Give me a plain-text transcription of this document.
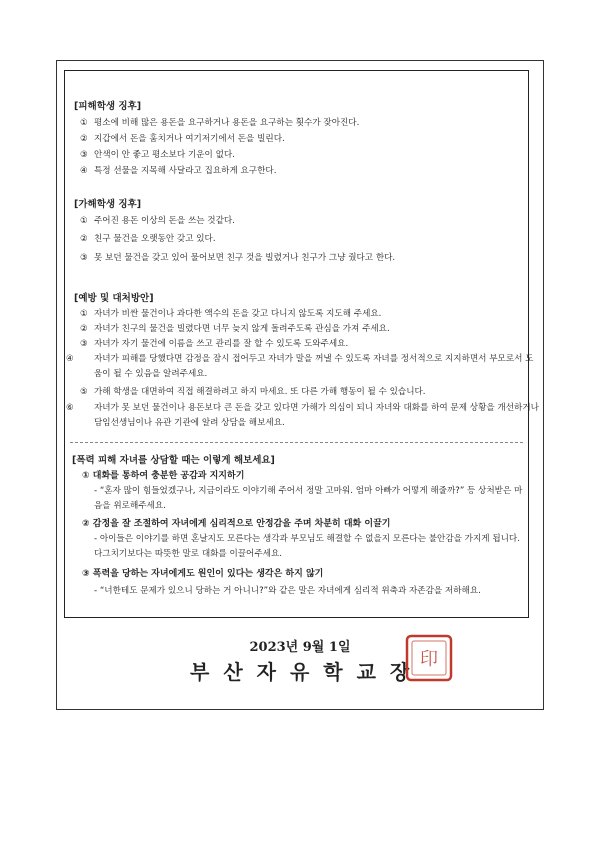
[피해학생 징후]
① 평소에 비해 많은 용돈을 요구하거나 용돈을 요구하는 횟수가 잦아진다.
② 지갑에서 돈을 훔치거나 여기저기에서 돈을 빌린다.
③ 안색이 안 좋고 평소보다 기운이 없다.
④ 특정 선물을 지목해 사달라고 집요하게 요구한다.
[가해학생 징후]
① 주어진 용돈 이상의 돈을 쓰는 것같다.
② 친구 물건을 오랫동안 갖고 있다.
③ 못 보던 물건을 갖고 있어 물어보면 친구 것을 빌렸거나 친구가 그냥 줬다고 한다.
[예방 및 대처방안]
① 자녀가 비싼 물건이나 과다한 액수의 돈을 갖고 다니지 않도록 지도해 주세요.
② 자녀가 친구의 물건을 빌렸다면 너무 늦지 않게 돌려주도록 관심을 가져 주세요.
③ 자녀가 자기 물건에 이름을 쓰고 관리를 잘 할 수 있도록 도와주세요.
④ 자녀가 피해를 당했다면 감정을 잠시 접어두고 자녀가 말을 꺼낼 수 있도록 자녀를 정서적으로 지지하면서 부모로서 도움이 될 수 있음을 알려주세요.
⑤ 가해 학생을 대면하여 직접 해결하려고 하지 마세요. 또 다른 가해 행동이 될 수 있습니다.
⑥ 자녀가 못 보던 물건이나 용돈보다 큰 돈을 갖고 있다면 가해가 의심이 되니 자녀와 대화를 하여 문제 상황을 개선하거나 담임선생님이나 유관 기관에 알려 상담을 해보세요.
[폭력 피해 자녀를 상담할 때는 이렇게 해보세요]
① 대화를 통하여 충분한 공감과 지지하기
- “혼자 많이 힘들었겠구나, 지금이라도 이야기해 주어서 정말 고마워. 엄마 아빠가 어떻게 해줄까?” 등 상처받은 마음을 위로해주세요.
② 감정을 잘 조절하여 자녀에게 심리적으로 안정감을 주며 차분히 대화 이끌기
- 아이들은 이야기를 하면 혼날지도 모른다는 생각과 부모님도 해결할 수 없을지 모른다는 불안감을 가지게 됩니다. 다그치기보다는 따뜻한 말로 대화를 이끌어주세요.
③ 폭력을 당하는 자녀에게도 원인이 있다는 생각은 하지 않기
- “너한테도 문제가 있으니 당하는 거 아니니?”와 같은 말은 자녀에게 심리적 위축과 자존감을 저하해요.
2023년 9월 1일
부산자유학교장
印
